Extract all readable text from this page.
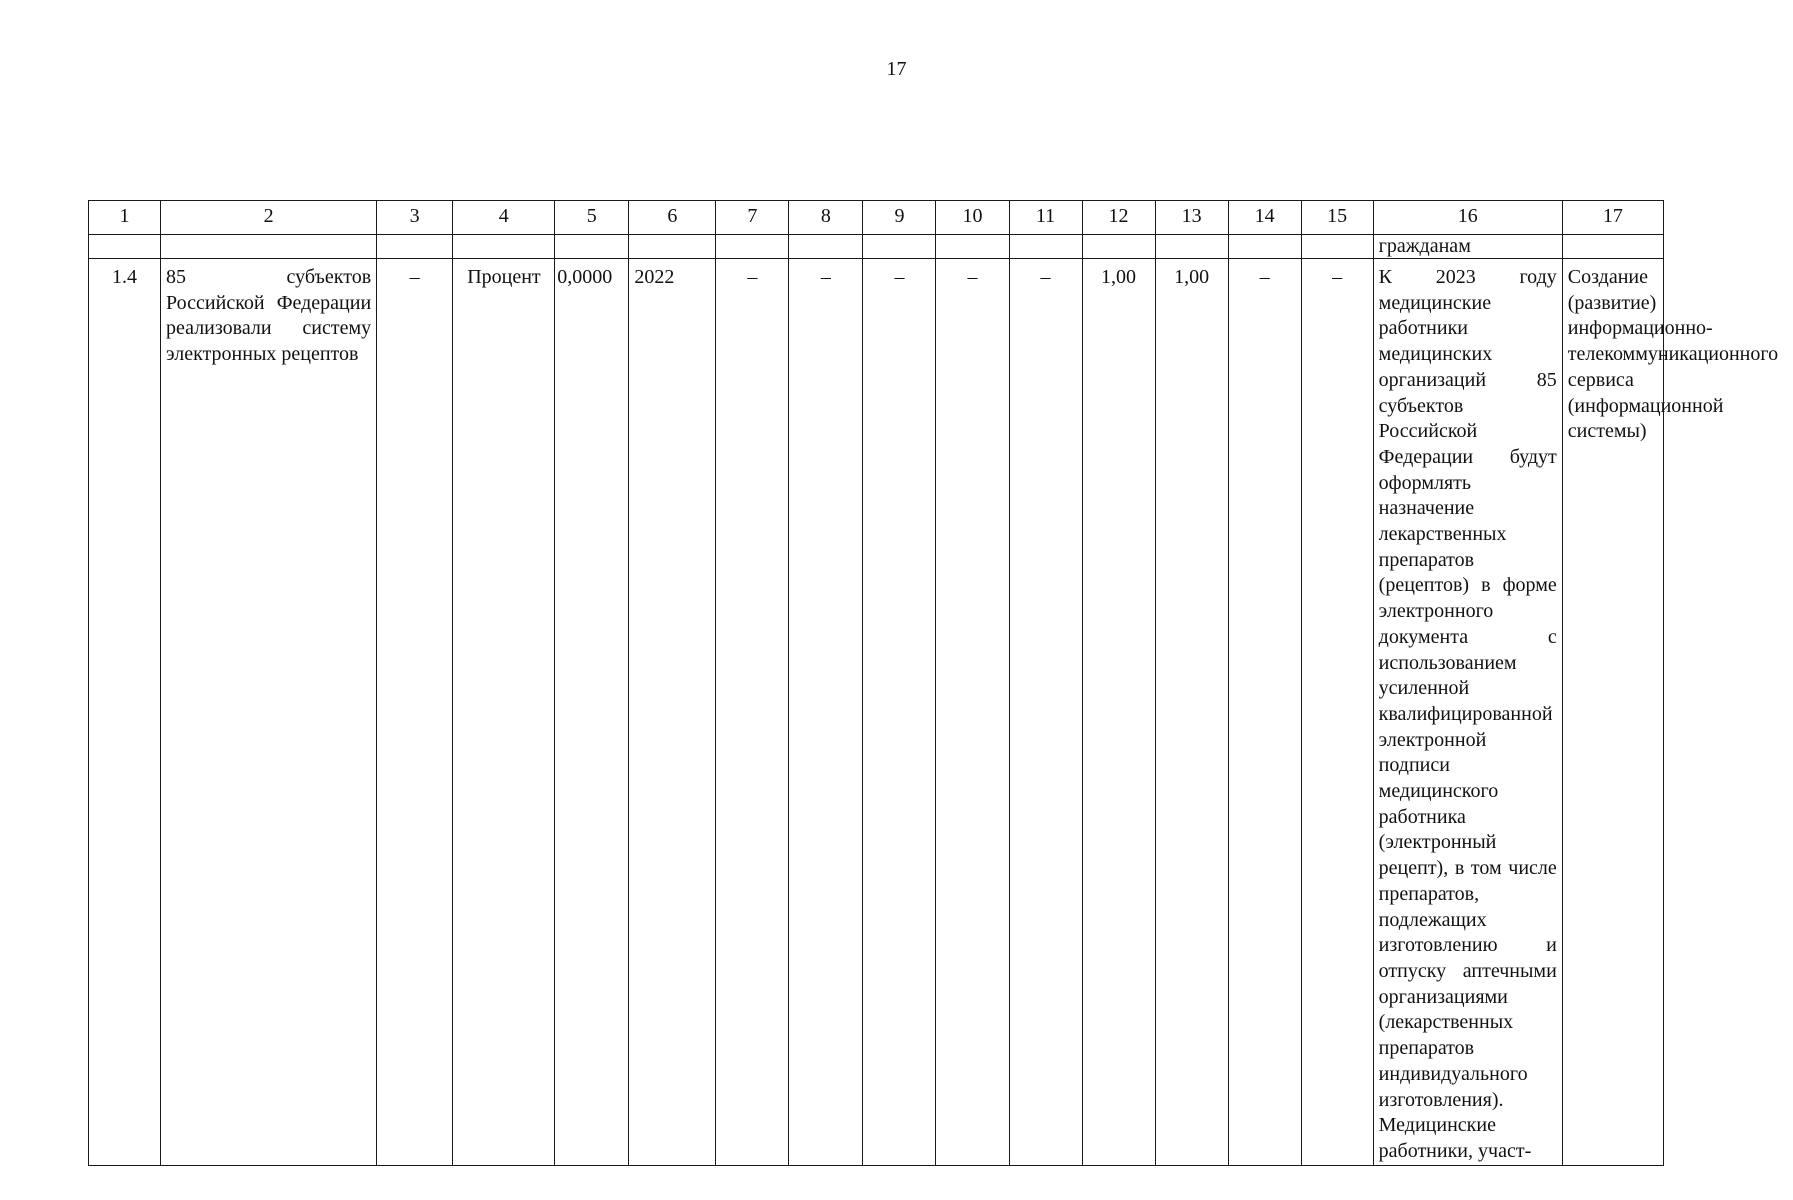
17
1	2	3	4	5	6	7	8	9	10	11	12	13	14	15	16	17
															гражданам	
1.4	85 субъектов Российской Федерации реализовали систему электронных рецептов	–	Процент	0,0000	2022	–	–	–	–	–	1,00	1,00	–	–	К 2023 году медицинские работники медицинских организаций 85 субъектов Российской Федерации будут оформлять назначение лекарственных препаратов (рецептов) в форме электронного документа с использованием усиленной квалифицированной электронной подписи медицинского работника (электронный рецепт), в том числе препаратов, подлежащих изготовлению и отпуску аптечными организациями (лекарственных препаратов индивидуального изготовления). Медицинские работники, участ-	Создание (развитие) информационно-телекоммуникационного сервиса (информационной системы)
